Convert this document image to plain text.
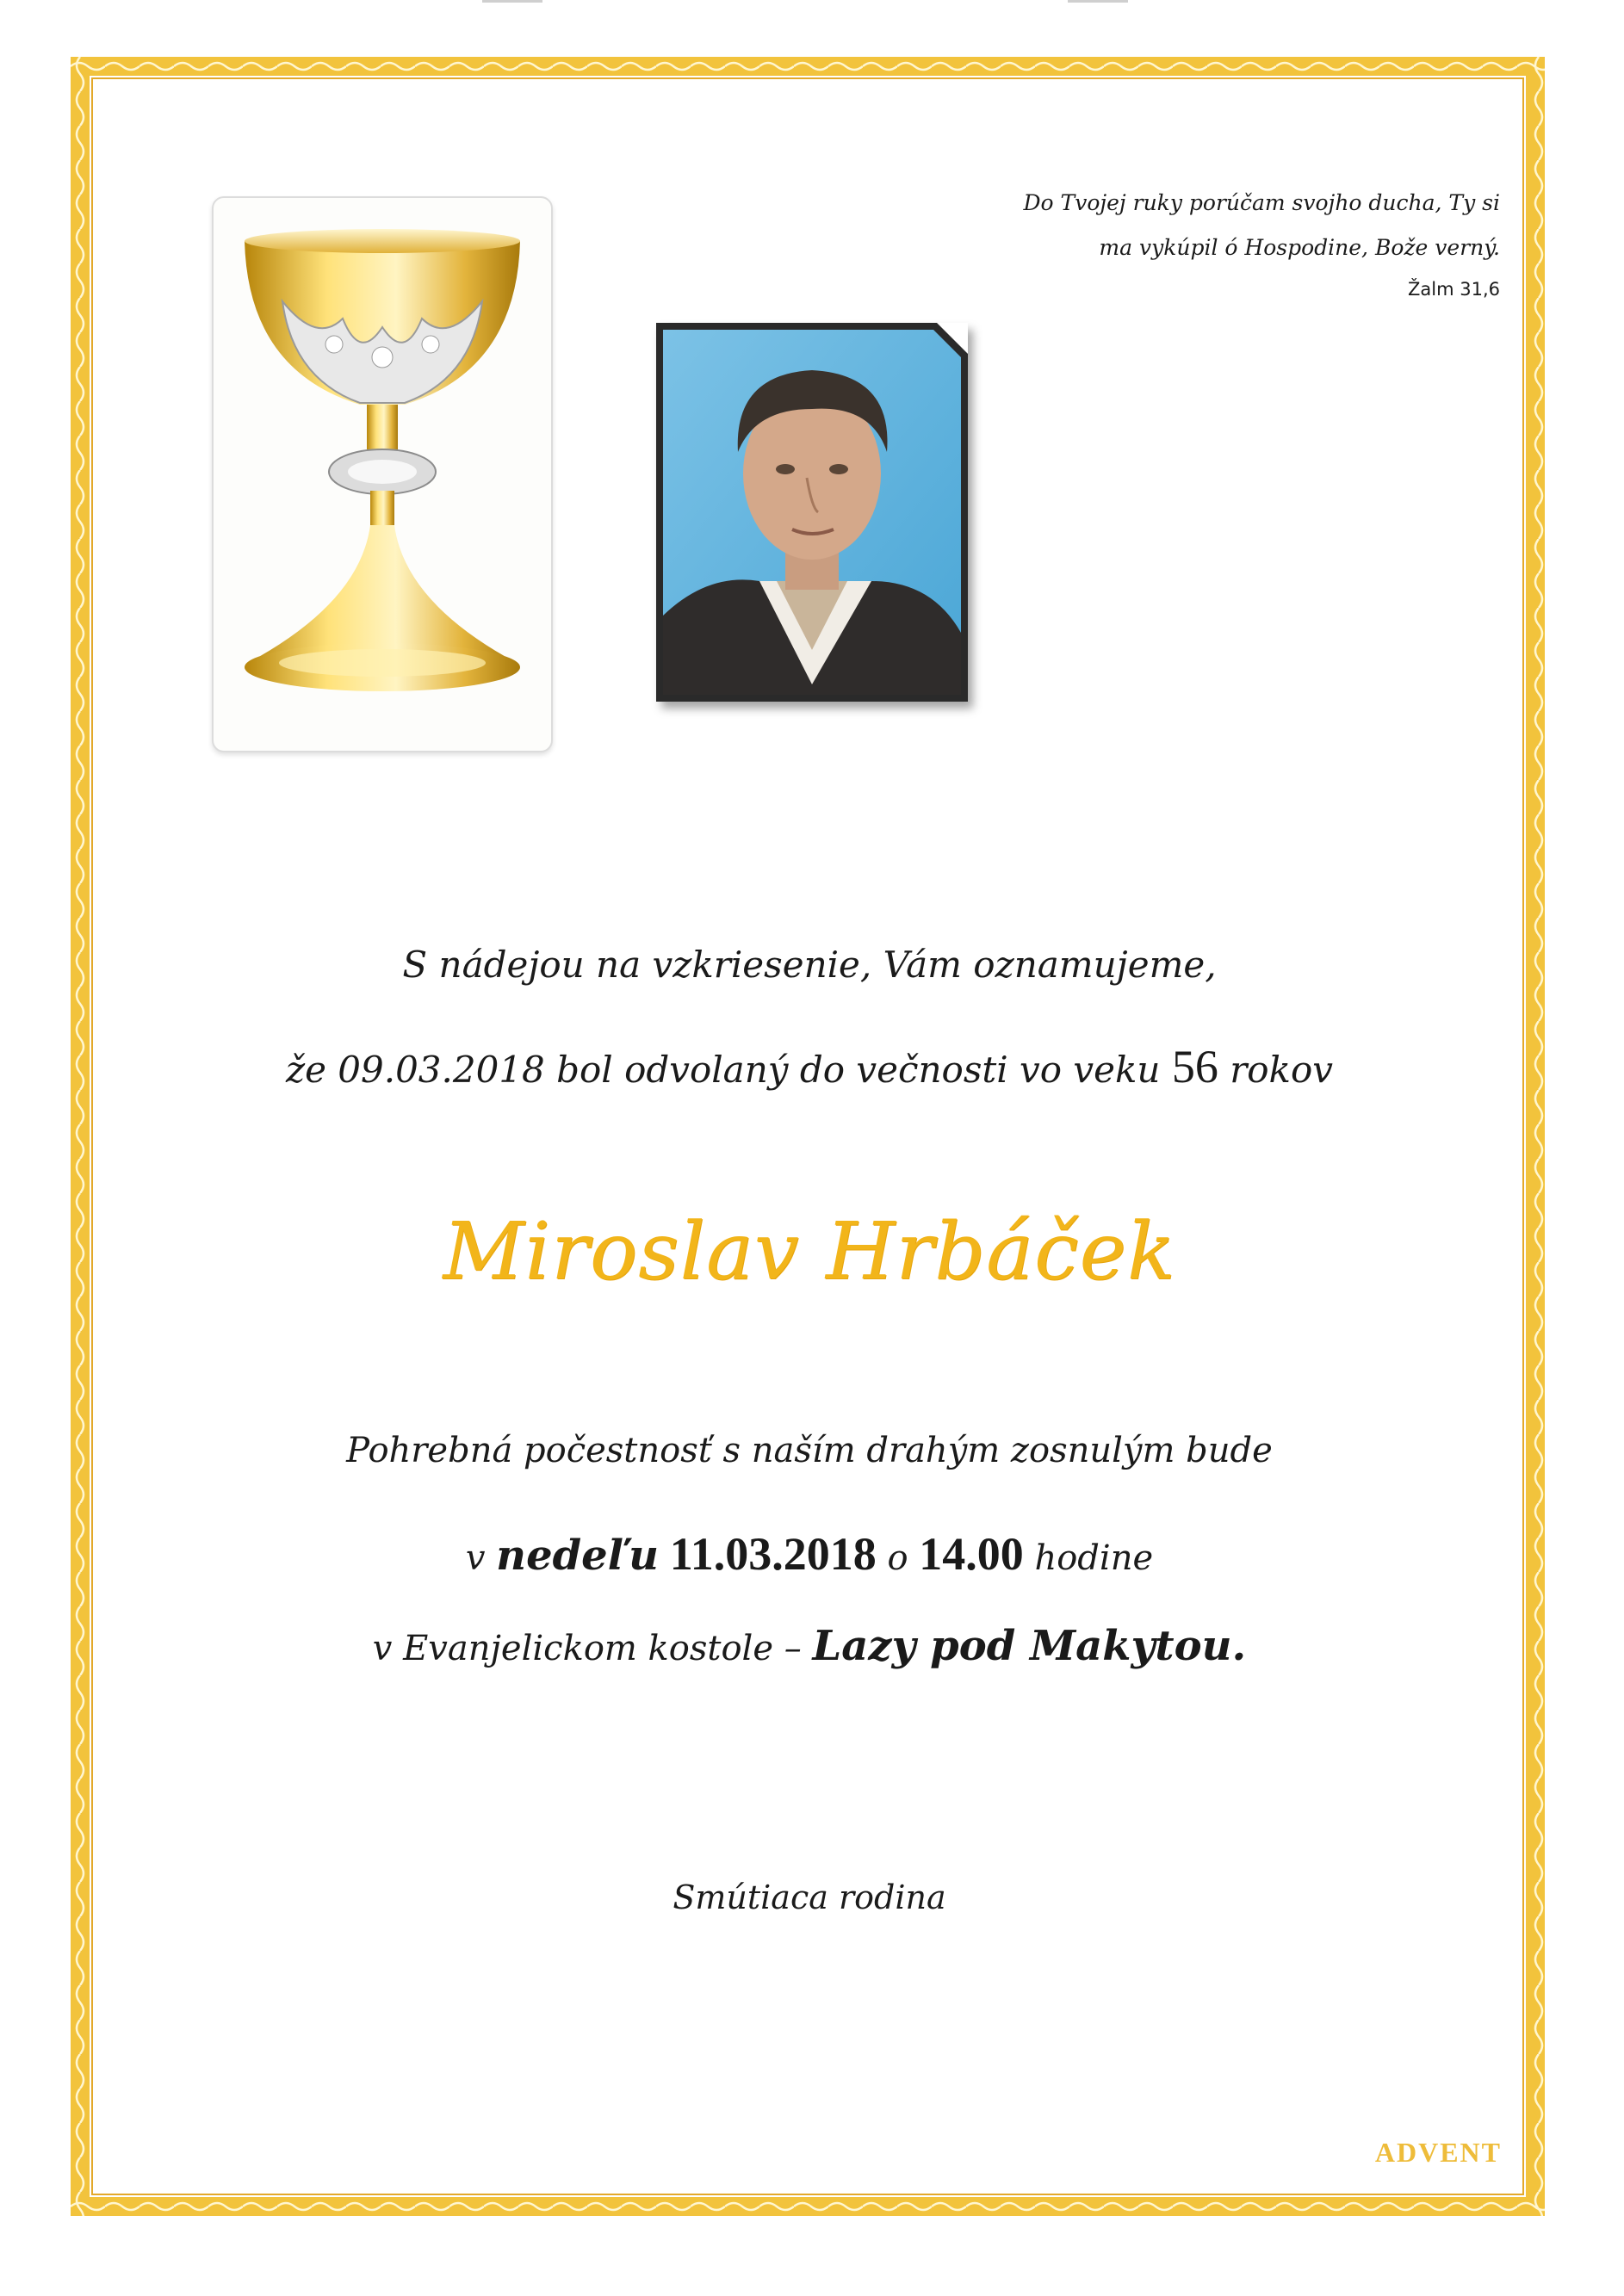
Do Tvojej ruky porúčam svojho ducha, Ty si
ma vykúpil ó Hospodine, Bože verný.
Žalm 31,6
S nádejou na vzkriesenie, Vám oznamujeme,
že 09.03.2018 bol odvolaný do večnosti vo veku 56 rokov
Miroslav Hrbáček
Pohrebná počestnosť s naším drahým zosnulým bude
v nedeľu 11.03.2018 o 14.00 hodine
v Evanjelickom kostole – Lazy pod Makytou.
Smútiaca rodina
ADVENT
